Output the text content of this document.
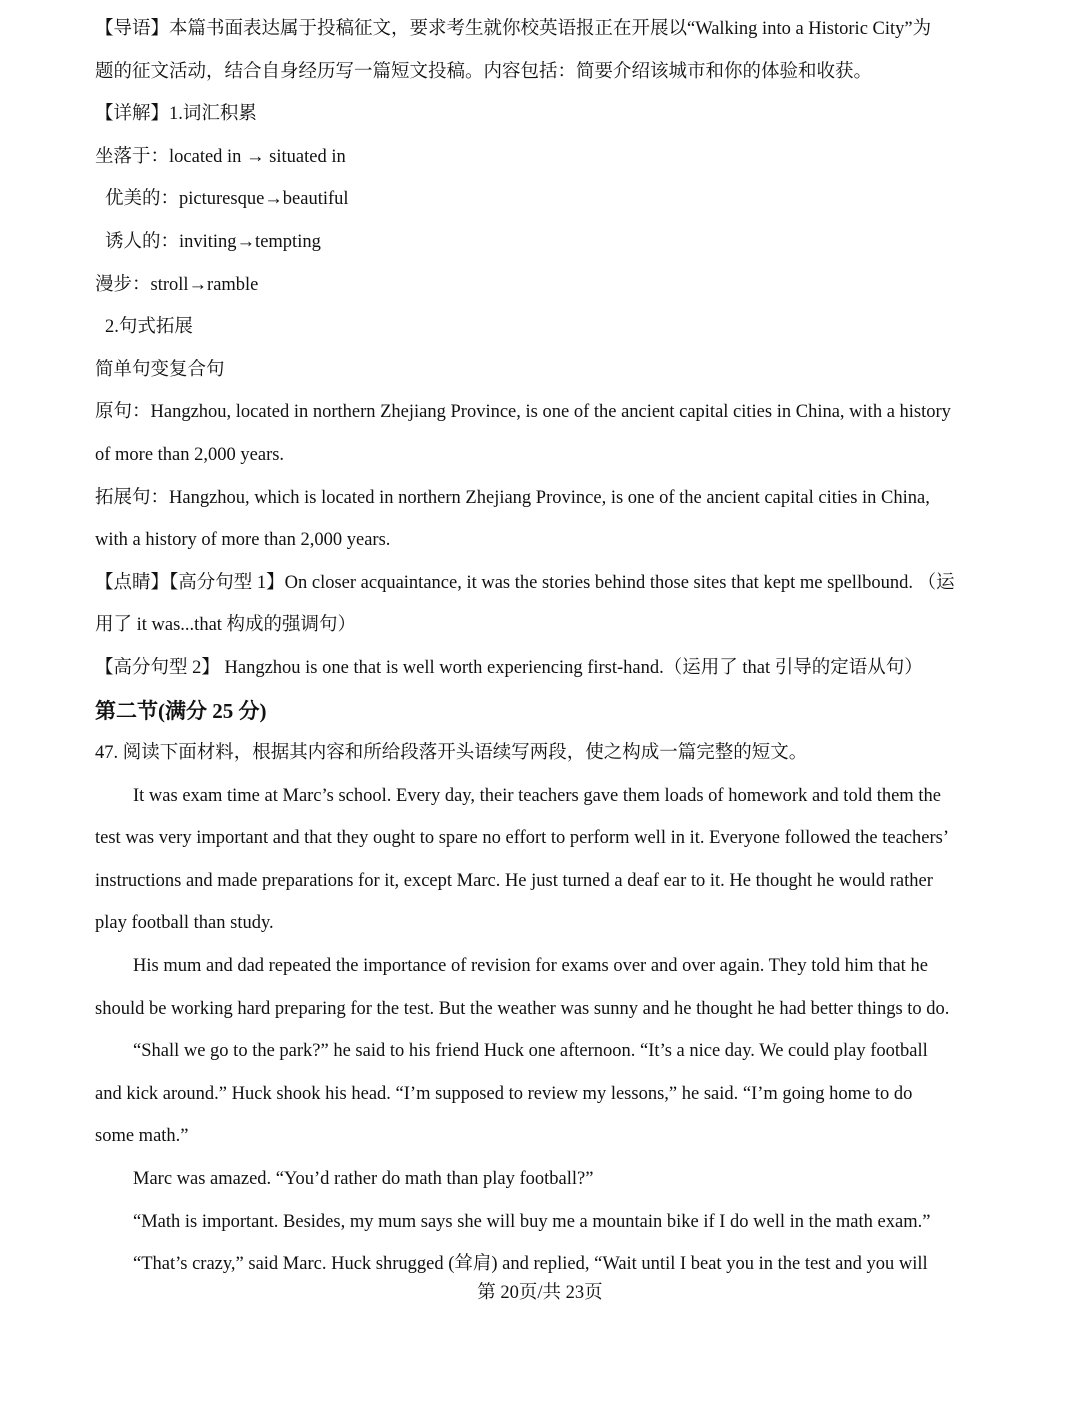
【导语】本篇书面表达属于投稿征文，要求考生就你校英语报正在开展以“Walking into a Historic City”为
题的征文活动，结合自身经历写一篇短文投稿。内容包括：简要介绍该城市和你的体验和收获。
【详解】1.词汇积累
坐落于：located in → situated in
优美的：picturesque→beautiful
诱人的：inviting→tempting
漫步：stroll→ramble
2.句式拓展
简单句变复合句
原句：Hangzhou, located in northern Zhejiang Province, is one of the ancient capital cities in China, with a history
of more than 2,000 years.
拓展句：Hangzhou, which is located in northern Zhejiang Province, is one of the ancient capital cities in China,
with a history of more than 2,000 years.
【点睛】【高分句型 1】On closer acquaintance, it was the stories behind those sites that kept me spellbound. （运
用了 it was...that 构成的强调句）
【高分句型 2】 Hangzhou is one that is well worth experiencing first-hand.（运用了 that 引导的定语从句）
第二节(满分 25 分)
47. 阅读下面材料，根据其内容和所给段落开头语续写两段，使之构成一篇完整的短文。
It was exam time at Marc’s school. Every day, their teachers gave them loads of homework and told them the
test was very important and that they ought to spare no effort to perform well in it. Everyone followed the teachers’
instructions and made preparations for it, except Marc. He just turned a deaf ear to it. He thought he would rather
play football than study.
His mum and dad repeated the importance of revision for exams over and over again. They told him that he
should be working hard preparing for the test. But the weather was sunny and he thought he had better things to do.
“Shall we go to the park?” he said to his friend Huck one afternoon. “It’s a nice day. We could play football
and kick around.” Huck shook his head. “I’m supposed to review my lessons,” he said. “I’m going home to do
some math.”
Marc was amazed. “You’d rather do math than play football?”
“Math is important. Besides, my mum says she will buy me a mountain bike if I do well in the math exam.”
“That’s crazy,” said Marc. Huck shrugged (耸肩) and replied, “Wait until I beat you in the test and you will
第 20页/共 23页
